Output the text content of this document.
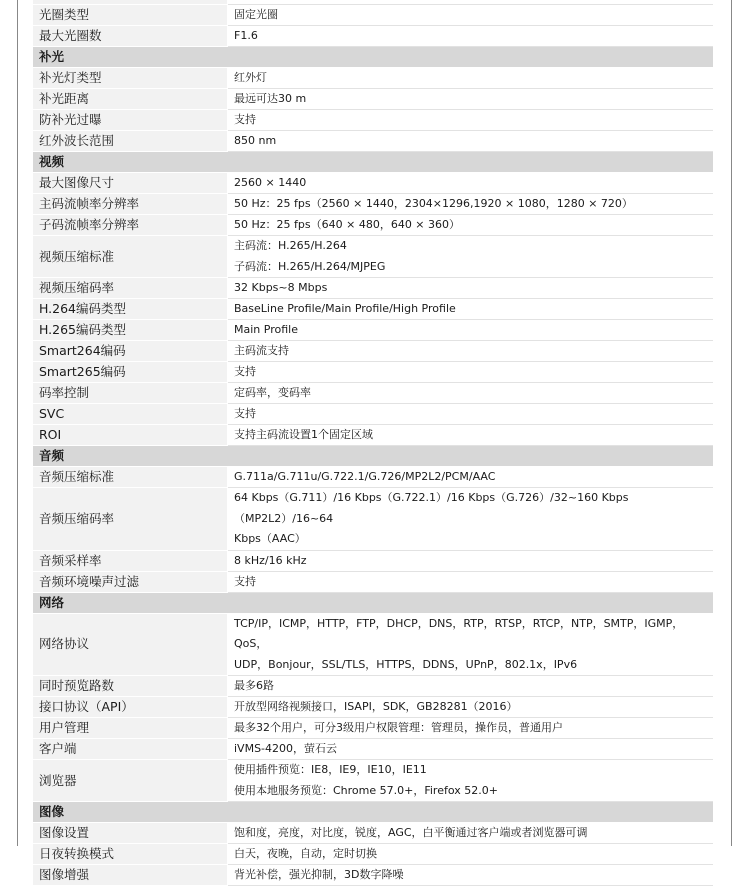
光圈类型	固定光圈
最大光圈数	F1.6
补光	
补光灯类型	红外灯
补光距离	最远可达30 m
防补光过曝	支持
红外波长范围	850 nm
视频	
最大图像尺寸	2560 × 1440
主码流帧率分辨率	50 Hz：25 fps（2560 × 1440，2304×1296,1920 × 1080，1280 × 720）
子码流帧率分辨率	50 Hz：25 fps（640 × 480，640 × 360）
视频压缩标准	主码流：H.265/H.264
子码流：H.265/H.264/MJPEG

视频压缩码率	32 Kbps~8 Mbps
H.264编码类型	BaseLine Profile/Main Profile/High Profile
H.265编码类型	Main Profile
Smart264编码	主码流支持
Smart265编码	支持
码率控制	定码率，变码率
SVC	支持
ROI	支持主码流设置1个固定区域
音频	
音频压缩标准	G.711a/G.711u/G.722.1/G.726/MP2L2/PCM/AAC
音频压缩码率	64 Kbps（G.711）/16 Kbps（G.722.1）/16 Kbps（G.726）/32~160 Kbps（MP2L2）/16~64
Kbps（AAC）

音频采样率	8 kHz/16 kHz
音频环境噪声过滤	支持
网络	
网络协议	TCP/IP，ICMP，HTTP，FTP，DHCP，DNS，RTP，RTSP，RTCP，NTP，SMTP，IGMP，QoS，
UDP，Bonjour，SSL/TLS，HTTPS，DDNS，UPnP，802.1x，IPv6

同时预览路数	最多6路
接口协议（API）	开放型网络视频接口，ISAPI，SDK，GB28281（2016）
用户管理	最多32个用户，可分3级用户权限管理：管理员，操作员，普通用户
客户端	iVMS-4200，萤石云
浏览器	使用插件预览：IE8，IE9，IE10，IE11
使用本地服务预览：Chrome 57.0+，Firefox 52.0+

图像	
图像设置	饱和度，亮度，对比度，锐度，AGC，白平衡通过客户端或者浏览器可调
日夜转换模式	白天，夜晚，自动，定时切换
图像增强	背光补偿，强光抑制，3D数字降噪
